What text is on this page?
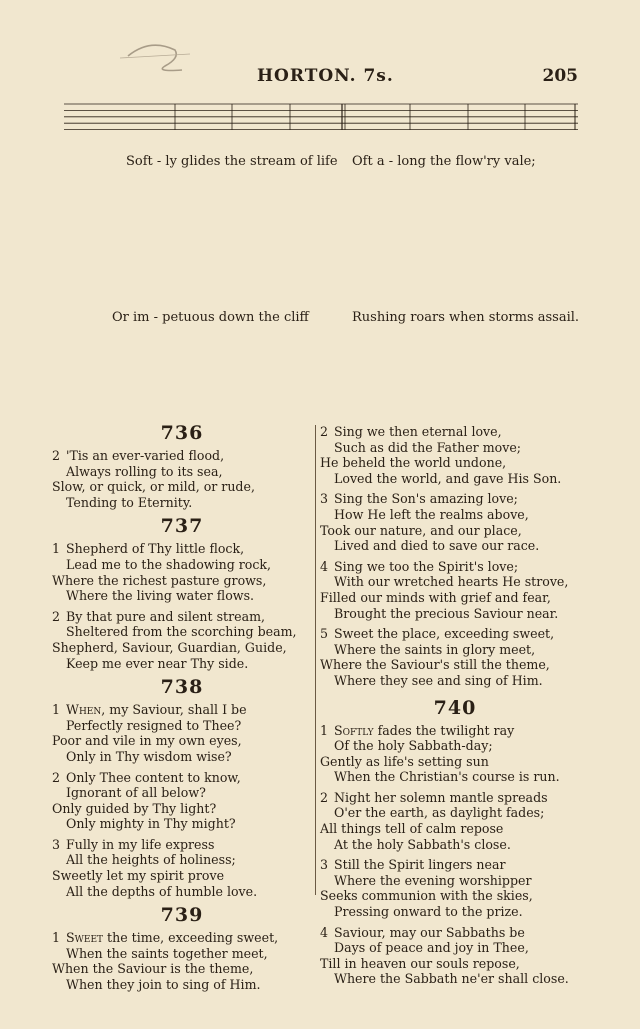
HORTON. 7s.	205
Soft - ly glides the stream of life Oft a - long the flow'ry vale;
Or im - petuous down the cliff	Rushing roars when storms assail.
736
2 'Tis an ever-varied flood,
Always rolling to its sea,
Slow, or quick, or mild, or rude,
Tending to Eternity.
737
1 Shepherd of Thy little flock,
Lead me to the shadowing rock,
Where the richest pasture grows,
Where the living water flows.
2 By that pure and silent stream,
Sheltered from the scorching beam,
Shepherd, Saviour, Guardian, Guide,
Keep me ever near Thy side.
738
1 When, my Saviour, shall I be
Perfectly resigned to Thee?
Poor and vile in my own eyes,
Only in Thy wisdom wise?
2 Only Thee content to know,
Ignorant of all below?
Only guided by Thy light?
Only mighty in Thy might?
3 Fully in my life express
All the heights of holiness;
Sweetly let my spirit prove
All the depths of humble love.
739
1 Sweet the time, exceeding sweet,
When the saints together meet,
When the Saviour is the theme,
When they join to sing of Him.
2 Sing we then eternal love,
Such as did the Father move;
He beheld the world undone,
Loved the world, and gave His Son.
3 Sing the Son's amazing love;
How He left the realms above,
Took our nature, and our place,
Lived and died to save our race.
4 Sing we too the Spirit's love;
With our wretched hearts He strove,
Filled our minds with grief and fear,
Brought the precious Saviour near.
5 Sweet the place, exceeding sweet,
Where the saints in glory meet,
Where the Saviour's still the theme,
Where they see and sing of Him.
740
1 Softly fades the twilight ray
Of the holy Sabbath-day;
Gently as life's setting sun
When the Christian's course is run.
2 Night her solemn mantle spreads
O'er the earth, as daylight fades;
All things tell of calm repose
At the holy Sabbath's close.
3 Still the Spirit lingers near
Where the evening worshipper
Seeks communion with the skies,
Pressing onward to the prize.
4 Saviour, may our Sabbaths be
Days of peace and joy in Thee,
Till in heaven our souls repose,
Where the Sabbath ne'er shall close.
